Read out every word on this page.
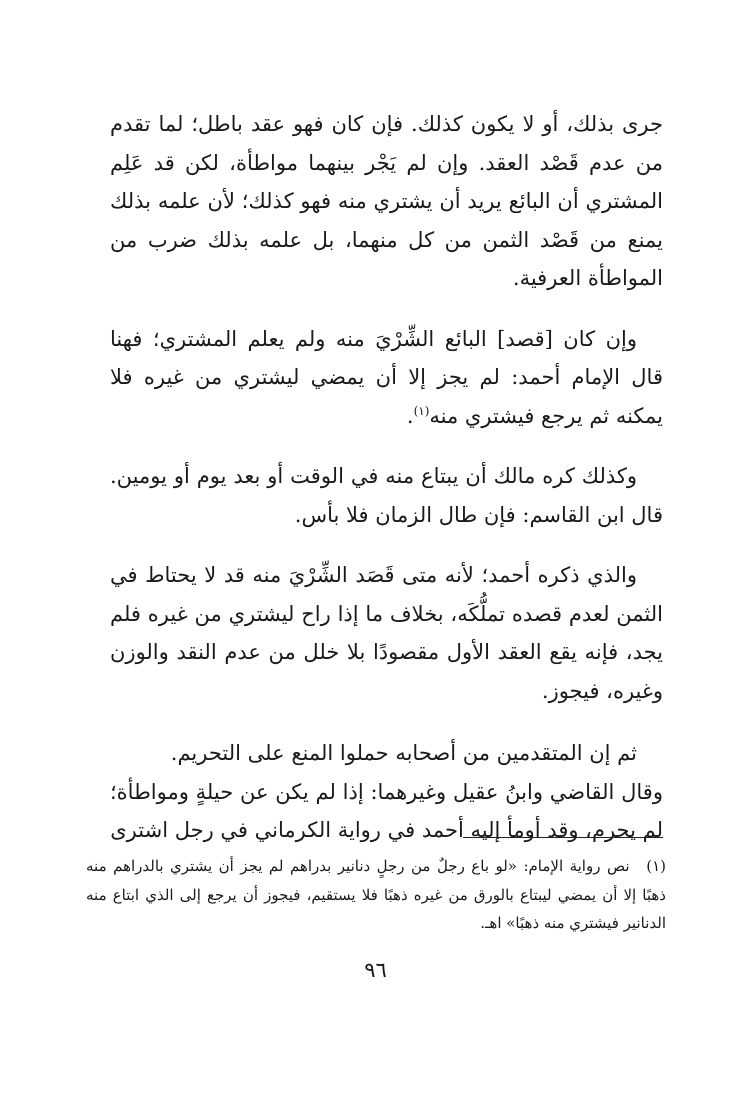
جرى بذلك، أو لا يكون كذلك. فإن كان فهو عقد باطل؛ لما تقدم من عدم قَصْد العقد. وإن لم يَجْر بينهما مواطأة، لكن قد عَلِم المشتري أن البائع يريد أن يشتري منه فهو كذلك؛ لأن علمه بذلك يمنع من قَصْد الثمن من كل منهما، بل علمه بذلك ضرب من المواطأة العرفية.

وإن كان [قصد] البائع الشِّرْيَ منه ولم يعلم المشتري؛ فهنا قال الإمام أحمد: لم يجز إلا أن يمضي ليشتري من غيره فلا يمكنه ثم يرجع فيشتري منه$^{(١)}$.

وكذلك كره مالك أن يبتاع منه في الوقت أو بعد يوم أو يومين. قال ابن القاسم: فإن طال الزمان فلا بأس.

والذي ذكره أحمد؛ لأنه متى قَصَد الشِّرْيَ منه قد لا يحتاط في الثمن لعدم قصده تملُّكَه، بخلاف ما إذا راح ليشتري من غيره فلم يجد، فإنه يقع العقد الأول مقصودًا بلا خلل من عدم النقد والوزن وغيره، فيجوز.

ثم إن المتقدمين من أصحابه حملوا المنع على التحريم.

وقال القاضي وابنُ عقيل وغيرهما: إذا لم يكن عن حيلةٍ ومواطأة؛ لم يحرم، وقد أومأ إليه أحمد في رواية الكرماني في رجل اشترى

(١) نص رواية الإمام: «لو باع رجلٌ من رجلٍ دنانير بدراهم لم يجز أن يشتري بالدراهم منه ذهبًا إلا أن يمضي ليبتاع بالورق من غيره ذهبًا فلا يستقيم، فيجوز أن يرجع إلى الذي ابتاع منه الدنانير فيشتري منه ذهبًا» اهـ.
٩٦
